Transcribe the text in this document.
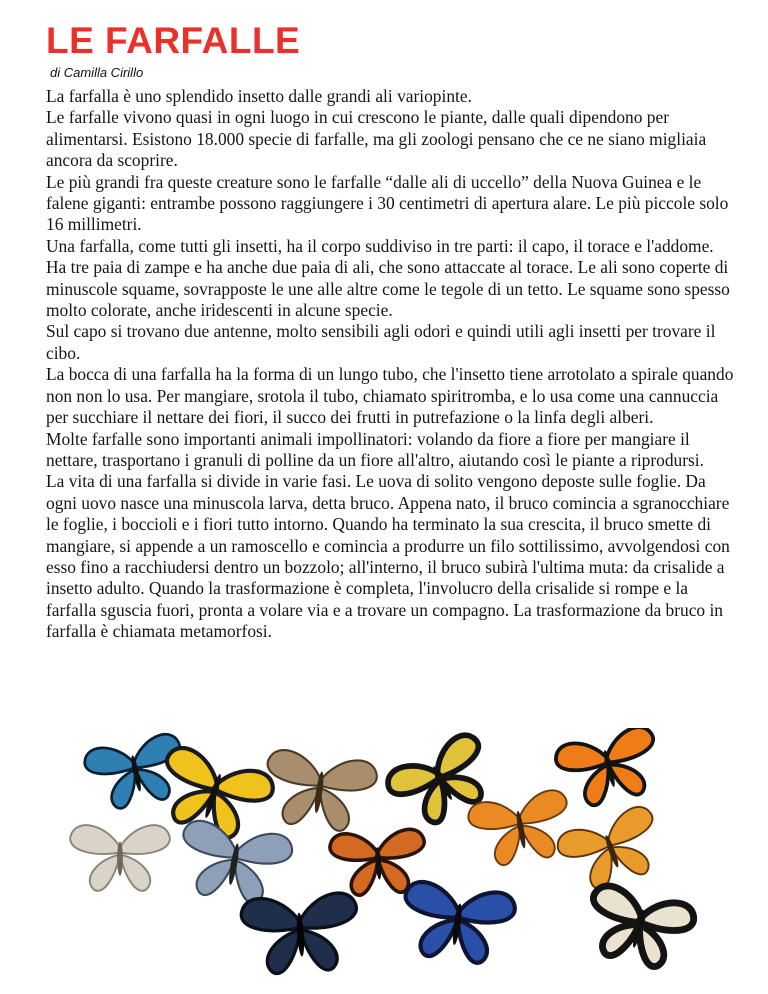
LE FARFALLE
di Camilla Cirillo

La farfalla è uno splendido insetto dalle grandi ali variopinte.

Le farfalle vivono quasi in ogni luogo in cui crescono le piante, dalle quali dipendono per alimentarsi. Esistono 18.000 specie di farfalle, ma gli zoologi pensano che ce ne siano migliaia ancora da scoprire.

Le più grandi fra queste creature sono le farfalle “dalle ali di uccello” della Nuova Guinea e le falene giganti: entrambe possono raggiungere i 30 centimetri di apertura alare. Le più piccole solo 16 millimetri.

Una farfalla, come tutti gli insetti, ha il corpo suddiviso in tre parti: il capo, il torace e l'addome.

Ha tre paia di zampe e ha anche due paia di ali, che sono attaccate al torace. Le ali sono coperte di minuscole squame, sovrapposte le une alle altre come le tegole di un tetto. Le squame sono spesso molto colorate, anche iridescenti in alcune specie.

Sul capo si trovano due antenne, molto sensibili agli odori e quindi utili agli insetti per trovare il cibo.

La bocca di una farfalla ha la forma di un lungo tubo, che l'insetto tiene arrotolato a spirale quando non non lo usa. Per mangiare, srotola il tubo, chiamato spiritromba, e lo usa come una cannuccia per succhiare il nettare dei fiori, il succo dei frutti in putrefazione o la linfa degli alberi.

Molte farfalle sono importanti animali impollinatori: volando da fiore a fiore per mangiare il nettare, trasportano i granuli di polline da un fiore all'altro, aiutando così le piante a riprodursi.

La vita di una farfalla si divide in varie fasi. Le uova di solito vengono deposte sulle foglie. Da ogni uovo nasce una minuscola larva, detta bruco. Appena nato, il bruco comincia a sgranocchiare le foglie, i boccioli e i fiori tutto intorno. Quando ha terminato la sua crescita, il bruco smette di mangiare, si appende a un ramoscello e comincia a produrre un filo sottilissimo, avvolgendosi con esso fino a racchiudersi dentro un bozzolo; all'interno, il bruco subirà l'ultima muta: da crisalide a insetto adulto. Quando la trasformazione è completa, l'involucro della crisalide si rompe e la farfalla sguscia fuori, pronta a volare via e a trovare un compagno. La trasformazione da bruco in farfalla è chiamata metamorfosi.
